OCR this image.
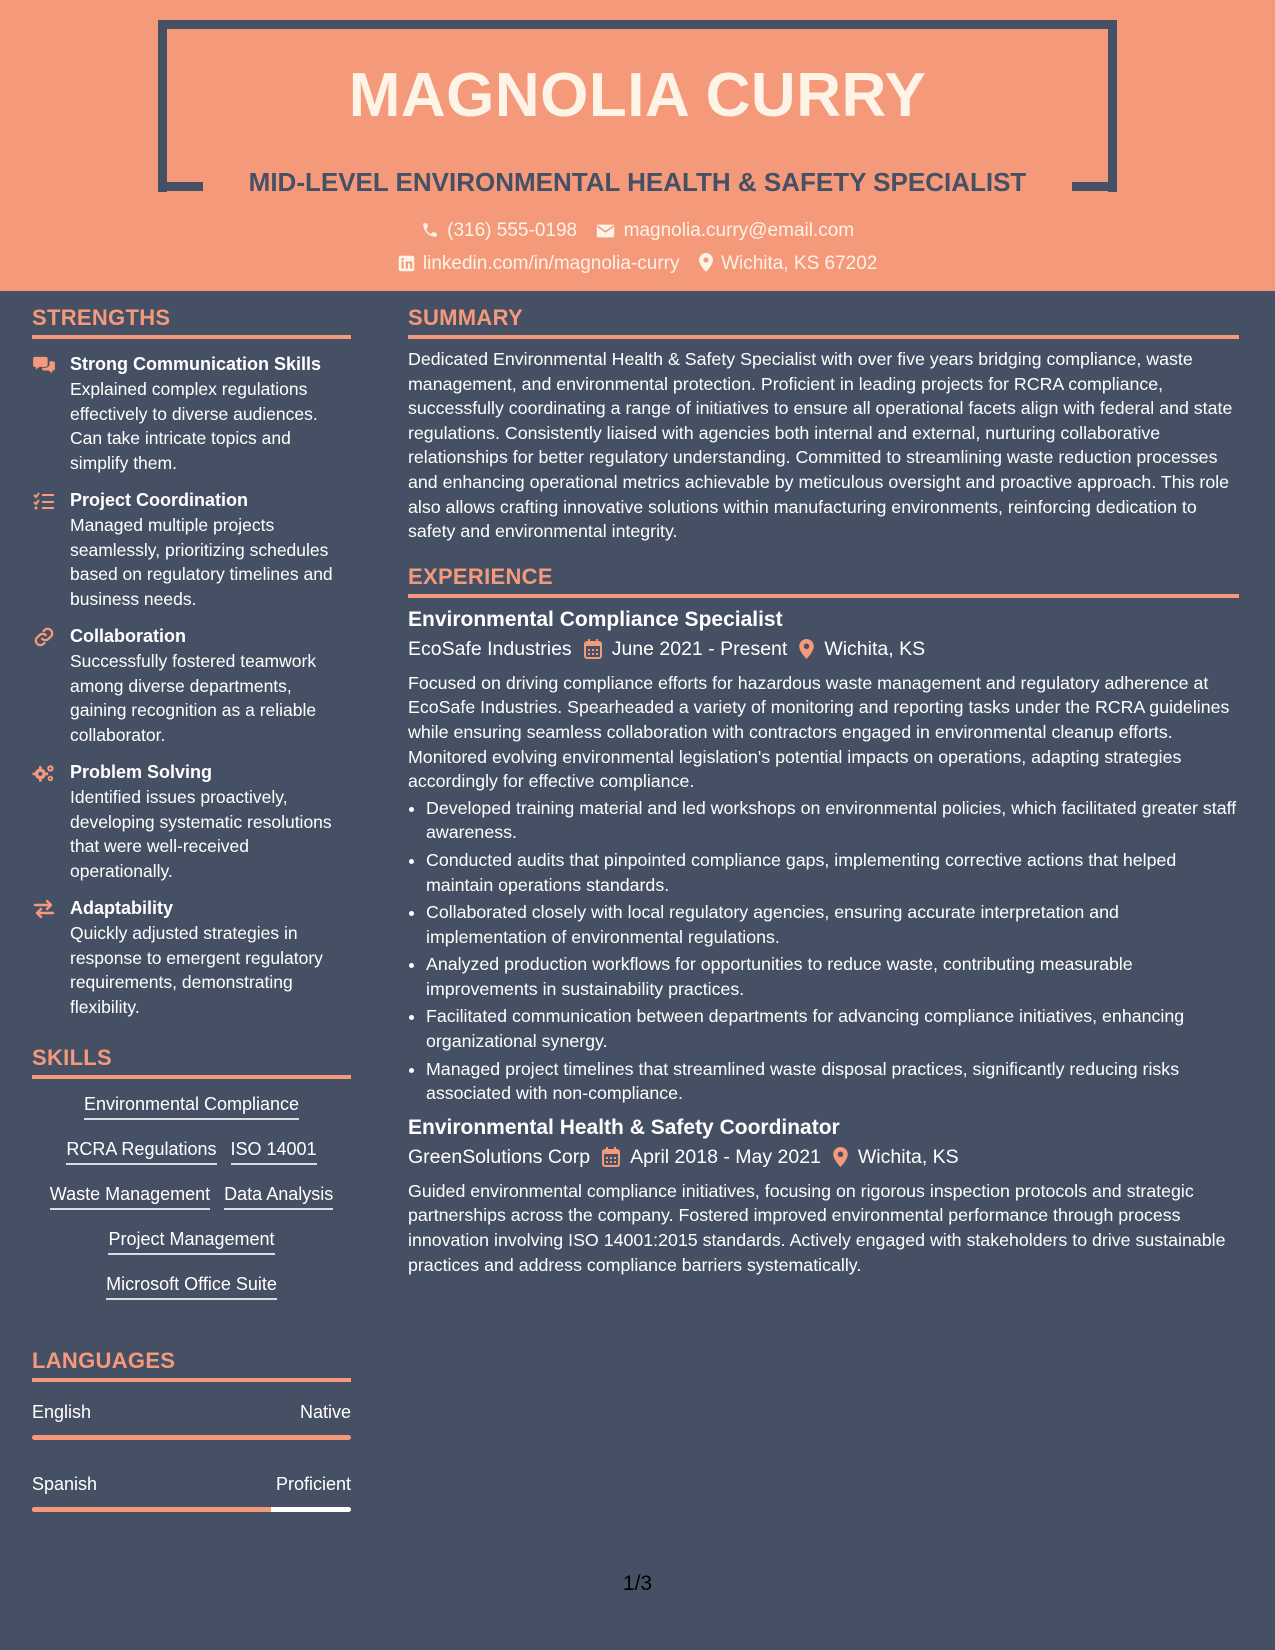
MAGNOLIA CURRY
MID-LEVEL ENVIRONMENTAL HEALTH & SAFETY SPECIALIST
(316) 555-0198 magnolia.curry@email.com
linkedin.com/in/magnolia-curry Wichita, KS 67202
STRENGTHS
Strong Communication Skills
Explained complex regulations effectively to diverse audiences. Can take intricate topics and simplify them.
Project Coordination
Managed multiple projects seamlessly, prioritizing schedules based on regulatory timelines and business needs.
Collaboration
Successfully fostered teamwork among diverse departments, gaining recognition as a reliable collaborator.
Problem Solving
Identified issues proactively, developing systematic resolutions that were well-received operationally.
Adaptability
Quickly adjusted strategies in response to emergent regulatory requirements, demonstrating flexibility.
SKILLS
Environmental Compliance
RCRA Regulations ISO 14001
Waste Management Data Analysis
Project Management
Microsoft Office Suite
LANGUAGES
English	Native
Spanish	Proficient
SUMMARY
Dedicated Environmental Health & Safety Specialist with over five years bridging compliance, waste management, and environmental protection. Proficient in leading projects for RCRA compliance, successfully coordinating a range of initiatives to ensure all operational facets align with federal and state regulations. Consistently liaised with agencies both internal and external, nurturing collaborative relationships for better regulatory understanding. Committed to streamlining waste reduction processes and enhancing operational metrics achievable by meticulous oversight and proactive approach. This role also allows crafting innovative solutions within manufacturing environments, reinforcing dedication to safety and environmental integrity.
EXPERIENCE
Environmental Compliance Specialist
EcoSafe Industries June 2021 - Present Wichita, KS
Focused on driving compliance efforts for hazardous waste management and regulatory adherence at EcoSafe Industries. Spearheaded a variety of monitoring and reporting tasks under the RCRA guidelines while ensuring seamless collaboration with contractors engaged in environmental cleanup efforts. Monitored evolving environmental legislation's potential impacts on operations, adapting strategies accordingly for effective compliance.
• Developed training material and led workshops on environmental policies, which facilitated greater staff awareness.
• Conducted audits that pinpointed compliance gaps, implementing corrective actions that helped maintain operations standards.
• Collaborated closely with local regulatory agencies, ensuring accurate interpretation and implementation of environmental regulations.
• Analyzed production workflows for opportunities to reduce waste, contributing measurable improvements in sustainability practices.
• Facilitated communication between departments for advancing compliance initiatives, enhancing organizational synergy.
• Managed project timelines that streamlined waste disposal practices, significantly reducing risks associated with non-compliance.
Environmental Health & Safety Coordinator
GreenSolutions Corp April 2018 - May 2021 Wichita, KS
Guided environmental compliance initiatives, focusing on rigorous inspection protocols and strategic partnerships across the company. Fostered improved environmental performance through process innovation involving ISO 14001:2015 standards. Actively engaged with stakeholders to drive sustainable practices and address compliance barriers systematically.
1/3
